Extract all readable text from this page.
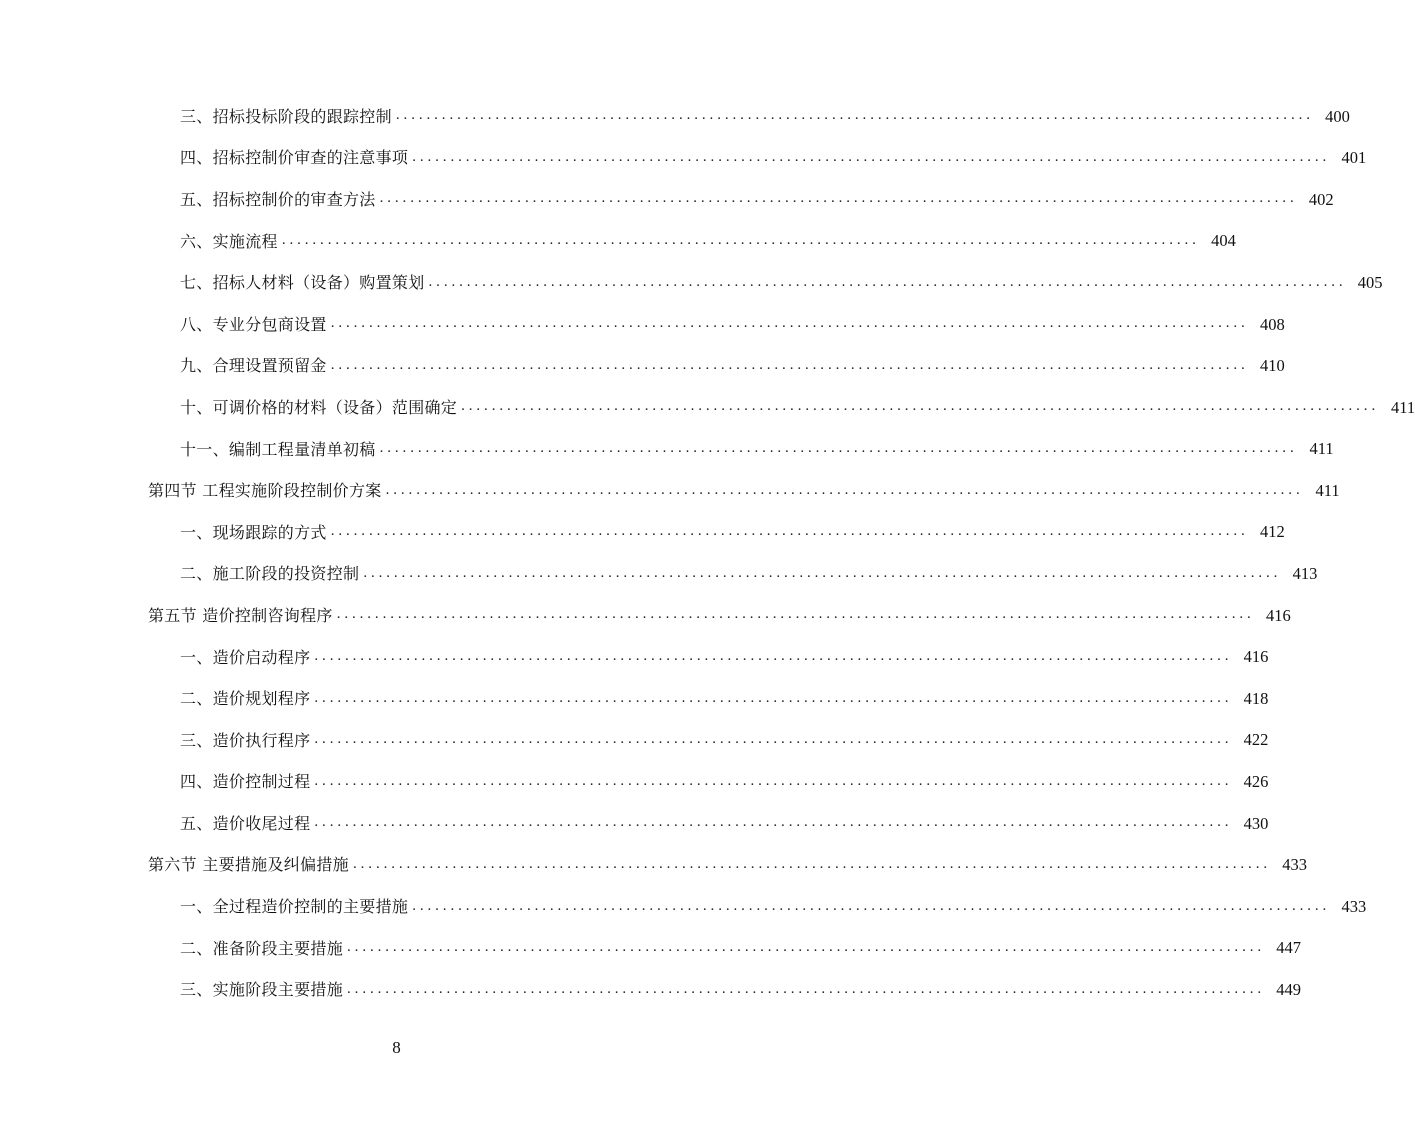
三、招标投标阶段的跟踪控制 ........................................................................................................................ 400
四、招标控制价审查的注意事项 ........................................................................................................................ 401
五、招标控制价的审查方法 ........................................................................................................................ 402
六、实施流程 ........................................................................................................................ 404
七、招标人材料（设备）购置策划 ........................................................................................................................ 405
八、专业分包商设置 ........................................................................................................................ 408
九、合理设置预留金 ........................................................................................................................ 410
十、可调价格的材料（设备）范围确定 ........................................................................................................................ 411
十一、编制工程量清单初稿 ........................................................................................................................ 411
第四节 工程实施阶段控制价方案 ........................................................................................................................ 411
一、现场跟踪的方式 ........................................................................................................................ 412
二、施工阶段的投资控制 ........................................................................................................................ 413
第五节 造价控制咨询程序 ........................................................................................................................ 416
一、造价启动程序 ........................................................................................................................ 416
二、造价规划程序 ........................................................................................................................ 418
三、造价执行程序 ........................................................................................................................ 422
四、造价控制过程 ........................................................................................................................ 426
五、造价收尾过程 ........................................................................................................................ 430
第六节 主要措施及纠偏措施 ........................................................................................................................ 433
一、全过程造价控制的主要措施 ........................................................................................................................ 433
二、准备阶段主要措施 ........................................................................................................................ 447
三、实施阶段主要措施 ........................................................................................................................ 449
8
